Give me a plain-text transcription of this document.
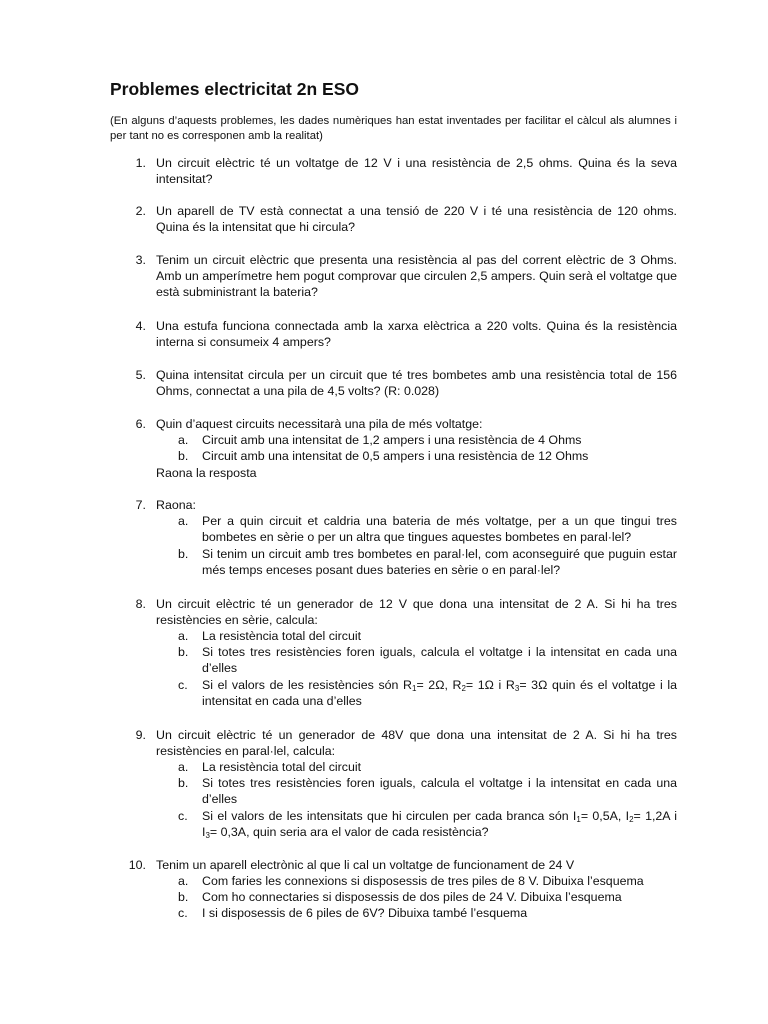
Problemes electricitat 2n ESO
(En alguns d’aquests problemes, les dades numèriques han estat inventades per facilitar el càlcul als alumnes i per tant no es corresponen amb la realitat)
1. Un circuit elèctric té un voltatge de 12 V i una resistència de 2,5 ohms. Quina és la seva intensitat?
2. Un aparell de TV està connectat a una tensió de 220 V i té una resistència de 120 ohms. Quina és la intensitat que hi circula?
3. Tenim un circuit elèctric que presenta una resistència al pas del corrent elèctric de 3 Ohms. Amb un amperímetre hem pogut comprovar que circulen 2,5 ampers. Quin serà el voltatge que està subministrant la bateria?
4. Una estufa funciona connectada amb la xarxa elèctrica a 220 volts. Quina és la resistència interna si consumeix 4 ampers?
5. Quina intensitat circula per un circuit que té tres bombetes amb una resistència total de 156 Ohms, connectat a una pila de 4,5 volts? (R: 0.028)
6. Quin d’aquest circuits necessitarà una pila de més voltatge:
a. Circuit amb una intensitat de 1,2 ampers i una resistència de 4 Ohms
b. Circuit amb una intensitat de 0,5 ampers i una resistència de 12 Ohms
Raona la resposta
7. Raona:
a. Per a quin circuit et caldria una bateria de més voltatge, per a un que tingui tres bombetes en sèrie o per un altra que tingues aquestes bombetes en paral·lel?
b. Si tenim un circuit amb tres bombetes en paral·lel, com aconseguiré que puguin estar més temps enceses posant dues bateries en sèrie o en paral·lel?
8. Un circuit elèctric té un generador de 12 V que dona una intensitat de 2 A. Si hi ha tres resistències en sèrie, calcula:
a. La resistència total del circuit
b. Si totes tres resistències foren iguals, calcula el voltatge i la intensitat en cada una d’elles
c. Si el valors de les resistències són $R_1= 2\Omega$, $R_2= 1\Omega$ i $R_3= 3\Omega$ quin és el voltatge i la intensitat en cada una d’elles
9. Un circuit elèctric té un generador de 48V que dona una intensitat de 2 A. Si hi ha tres resistències en paral·lel, calcula:
a. La resistència total del circuit
b. Si totes tres resistències foren iguals, calcula el voltatge i la intensitat en cada una d’elles
c. Si el valors de les intensitats que hi circulen per cada branca són $I_1= 0,5A$, $I_2= 1,2A$ i $I_3= 0,3A$, quin seria ara el valor de cada resistència?
10. Tenim un aparell electrònic al que li cal un voltatge de funcionament de 24 V
a. Com faries les connexions si disposessis de tres piles de 8 V. Dibuixa l’esquema
b. Com ho connectaries si disposessis de dos piles de 24 V. Dibuixa l’esquema
c. I si disposessis de 6 piles de 6V? Dibuixa també l’esquema
